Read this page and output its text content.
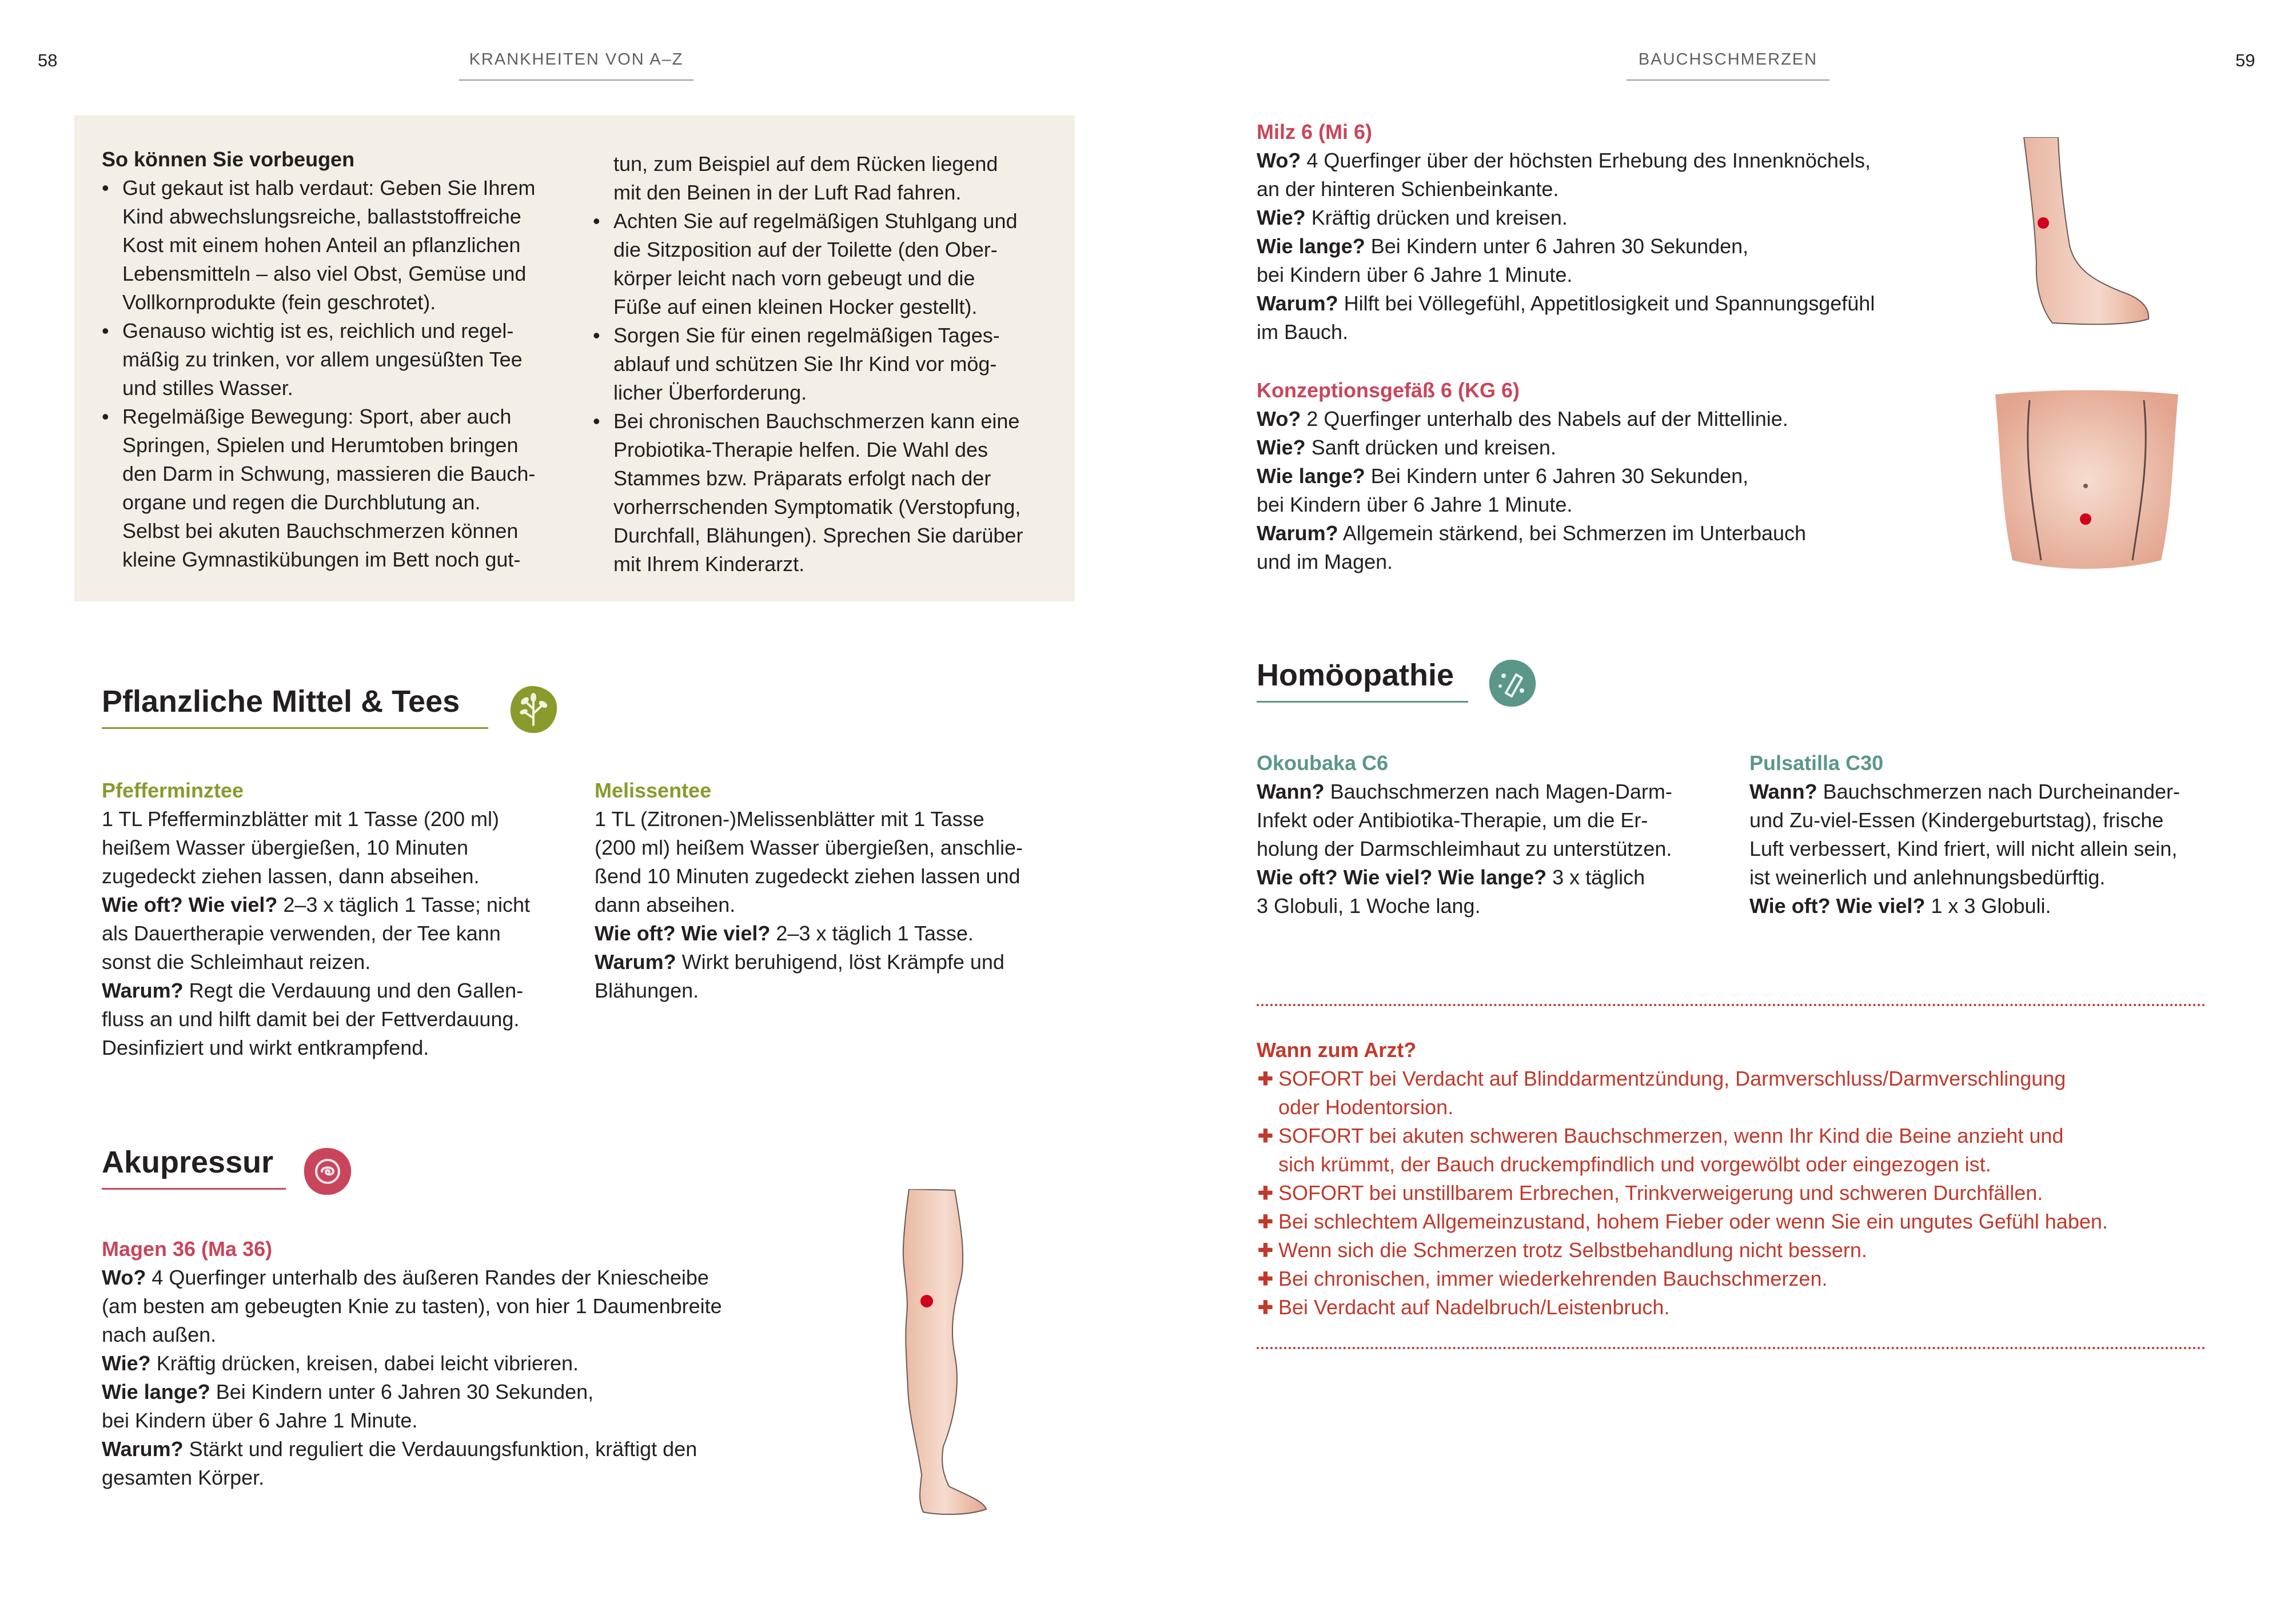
58	KRANKHEITEN VON A–Z	BAUCHSCHMERZEN	59
So können Sie vorbeugen
• Gut gekaut ist halb verdaut: Geben Sie Ihrem
Kind abwechslungsreiche, ballaststoffreiche
Kost mit einem hohen Anteil an pflanzlichen
Lebensmitteln – also viel Obst, Gemüse und
Vollkornprodukte (fein geschrotet).
• Genauso wichtig ist es, reichlich und regel-
mäßig zu trinken, vor allem ungesüßten Tee
und stilles Wasser.
• Regelmäßige Bewegung: Sport, aber auch
Springen, Spielen und Herumtoben bringen
den Darm in Schwung, massieren die Bauch-
organe und regen die Durchblutung an.
Selbst bei akuten Bauchschmerzen können
kleine Gymnastikübungen im Bett noch gut-
tun, zum Beispiel auf dem Rücken liegend
mit den Beinen in der Luft Rad fahren.
• Achten Sie auf regelmäßigen Stuhlgang und
die Sitzposition auf der Toilette (den Ober-
körper leicht nach vorn gebeugt und die
Füße auf einen kleinen Hocker gestellt).
• Sorgen Sie für einen regelmäßigen Tages-
ablauf und schützen Sie Ihr Kind vor mög-
licher Überforderung.
• Bei chronischen Bauchschmerzen kann eine
Probiotika-Therapie helfen. Die Wahl des
Stammes bzw. Präparats erfolgt nach der
vorherrschenden Symptomatik (Verstopfung,
Durchfall, Blähungen). Sprechen Sie darüber
mit Ihrem Kinderarzt.
Pflanzliche Mittel & Tees
Pfefferminztee

1 TL Pfefferminzblätter mit 1 Tasse (200 ml)

heißem Wasser übergießen, 10 Minuten

zugedeckt ziehen lassen, dann abseihen.

Wie oft? Wie viel? 2–3 x täglich 1 Tasse; nicht

als Dauertherapie verwenden, der Tee kann

sonst die Schleimhaut reizen.

Warum? Regt die Verdauung und den Gallen-

fluss an und hilft damit bei der Fettverdauung.

Desinfiziert und wirkt entkrampfend.

Melissentee

1 TL (Zitronen-)Melissenblätter mit 1 Tasse

(200 ml) heißem Wasser übergießen, anschlie-

ßend 10 Minuten zugedeckt ziehen lassen und

dann abseihen.

Wie oft? Wie viel? 2–3 x täglich 1 Tasse.

Warum? Wirkt beruhigend, löst Krämpfe und

Blähungen.

Akupressur
Magen 36 (Ma 36)

Wo? 4 Querfinger unterhalb des äußeren Randes der Kniescheibe

(am besten am gebeugten Knie zu tasten), von hier 1 Daumenbreite

nach außen.

Wie? Kräftig drücken, kreisen, dabei leicht vibrieren.

Wie lange? Bei Kindern unter 6 Jahren 30 Sekunden,

bei Kindern über 6 Jahre 1 Minute.

Warum? Stärkt und reguliert die Verdauungsfunktion, kräftigt den

gesamten Körper.

Milz 6 (Mi 6)

Wo? 4 Querfinger über der höchsten Erhebung des Innenknöchels,

an der hinteren Schienbeinkante.

Wie? Kräftig drücken und kreisen.

Wie lange? Bei Kindern unter 6 Jahren 30 Sekunden,

bei Kindern über 6 Jahre 1 Minute.

Warum? Hilft bei Völlegefühl, Appetitlosigkeit und Spannungsgefühl

im Bauch.

Konzeptionsgefäß 6 (KG 6)

Wo? 2 Querfinger unterhalb des Nabels auf der Mittellinie.

Wie? Sanft drücken und kreisen.

Wie lange? Bei Kindern unter 6 Jahren 30 Sekunden,

bei Kindern über 6 Jahre 1 Minute.

Warum? Allgemein stärkend, bei Schmerzen im Unterbauch

und im Magen.

Homöopathie
Okoubaka C6

Wann? Bauchschmerzen nach Magen-Darm-

Infekt oder Antibiotika-Therapie, um die Er-

holung der Darmschleimhaut zu unterstützen.

Wie oft? Wie viel? Wie lange? 3 x täglich

3 Globuli, 1 Woche lang.

Pulsatilla C30

Wann? Bauchschmerzen nach Durcheinander-

und Zu-viel-Essen (Kindergeburtstag), frische

Luft verbessert, Kind friert, will nicht allein sein,

ist weinerlich und anlehnungsbedürftig.

Wie oft? Wie viel? 1 x 3 Globuli.

Wann zum Arzt?
✚ SOFORT bei Verdacht auf Blinddarmentzündung, Darmverschluss/Darmverschlingung
oder Hodentorsion.
✚ SOFORT bei akuten schweren Bauchschmerzen, wenn Ihr Kind die Beine anzieht und
sich krümmt, der Bauch druckempfindlich und vorgewölbt oder eingezogen ist.
✚ SOFORT bei unstillbarem Erbrechen, Trinkverweigerung und schweren Durchfällen.
✚ Bei schlechtem Allgemeinzustand, hohem Fieber oder wenn Sie ein ungutes Gefühl haben.
✚ Wenn sich die Schmerzen trotz Selbstbehandlung nicht bessern.
✚ Bei chronischen, immer wiederkehrenden Bauchschmerzen.
✚ Bei Verdacht auf Nadelbruch/Leistenbruch.
